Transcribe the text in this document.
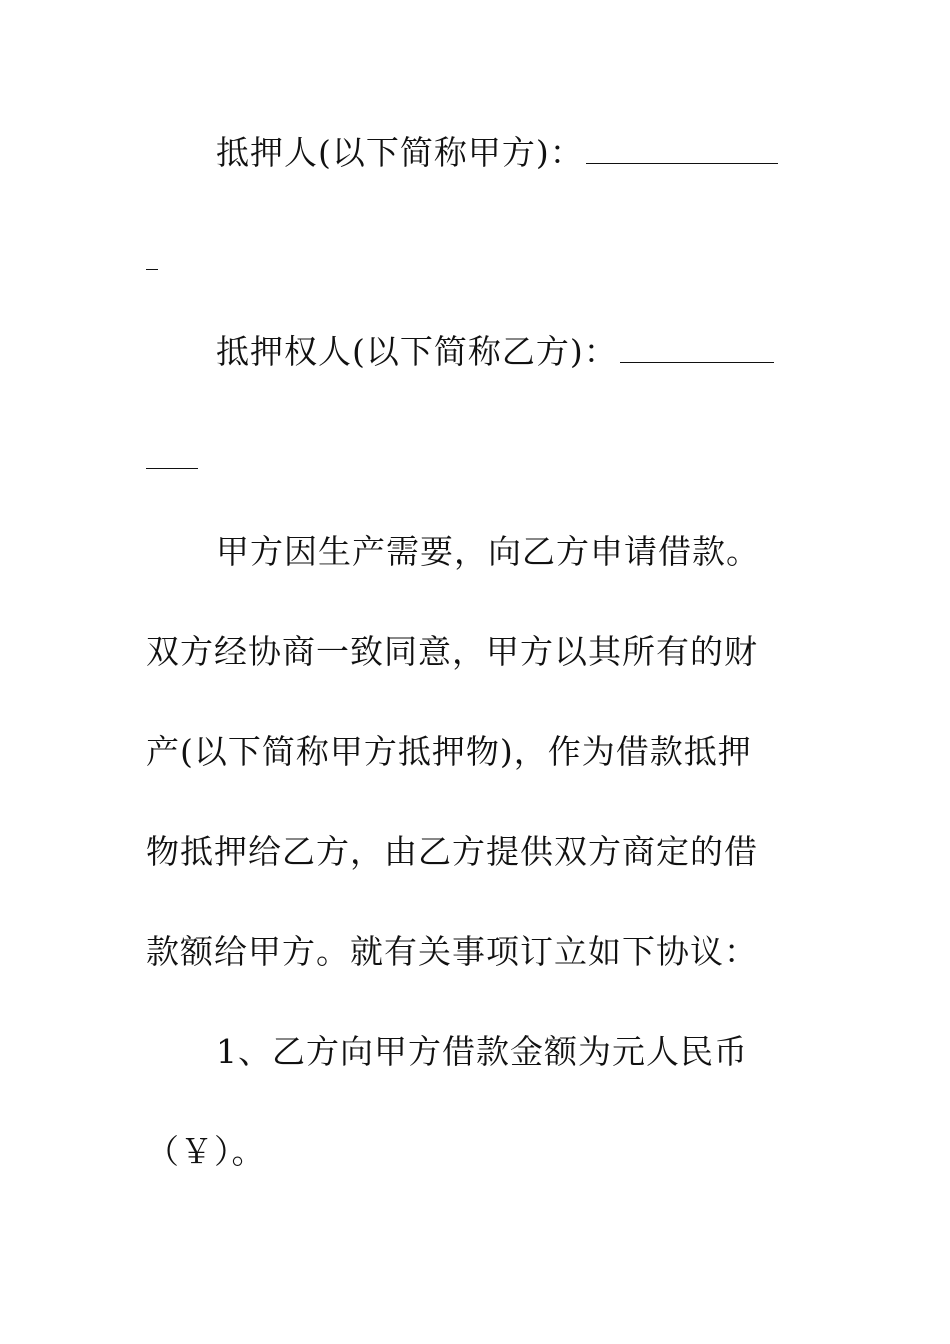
抵押人(以下简称甲方)：
抵押权人(以下简称乙方)：
甲方因生产需要，向乙方申请借款。
双方经协商一致同意，甲方以其所有的财
产(以下简称甲方抵押物)，作为借款抵押
物抵押给乙方，由乙方提供双方商定的借
款额给甲方。就有关事项订立如下协议：
1、乙方向甲方借款金额为元人民币
（￥）。
